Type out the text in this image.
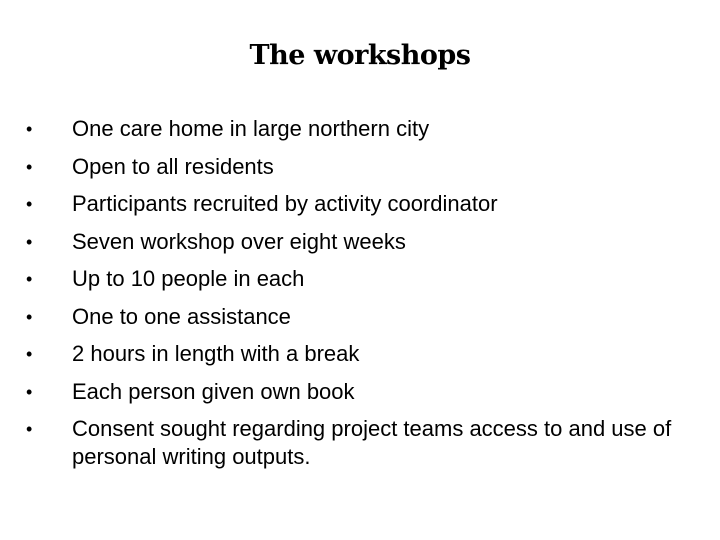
The workshops
•	One care home in large northern city
•	Open to all residents
•	Participants recruited by activity coordinator
•	Seven workshop over eight weeks
•	Up to 10 people in each
•	One to one assistance
•	2 hours in length with a break
•	Each person given own book
•	Consent sought regarding project teams access to and use of personal writing outputs.
